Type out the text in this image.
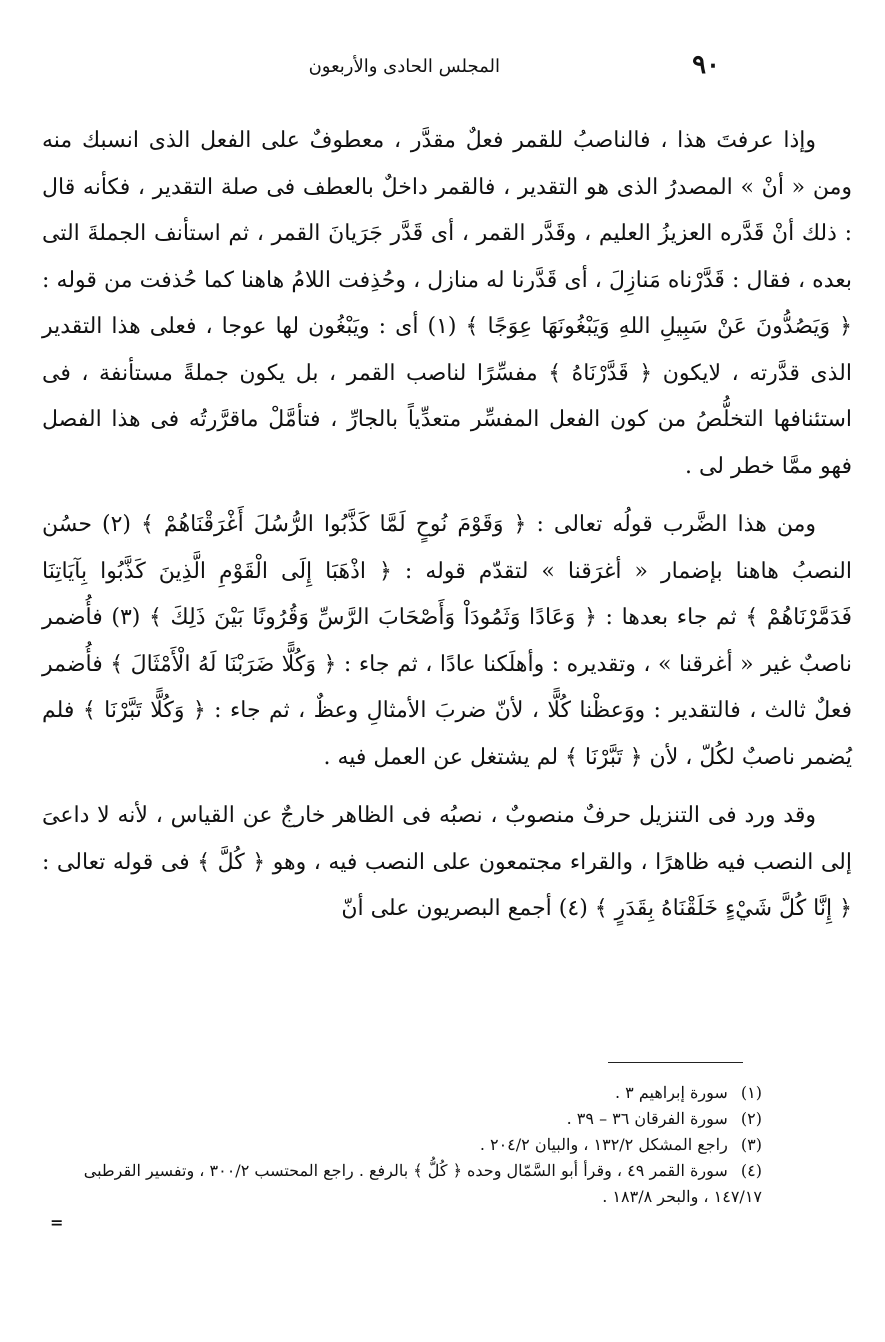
٩٠
المجلس الحادى والأربعون

وإذا عرفتَ هذا ، فالناصبُ للقمر فعلٌ مقدَّر ، معطوفٌ على الفعل الذى انسبك منه ومن « أنْ » المصدرُ الذى هو التقدير ، فالقمر داخلٌ بالعطف فى صلة التقدير ، فكأنه قال : ذلك أنْ قَدَّره العزيزُ العليم ، وقَدَّر القمر ، أى قَدَّر جَرَيانَ القمر ، ثم استأنف الجملةَ التى بعده ، فقال : قَدَّرْناه مَنازِلَ ، أى قَدَّرنا له منازل ، وحُذِفت اللامُ هاهنا كما حُذفت من قوله : ﴿ وَيَصُدُّونَ عَنْ سَبِيلِ اللهِ وَيَبْغُونَهَا عِوَجًا ﴾ (١) أى : ويَبْغُون لها عوجا ، فعلى هذا التقدير الذى قدَّرته ، لايكون ﴿ قَدَّرْنَاهُ ﴾ مفسِّرًا لناصب القمر ، بل يكون جملةً مستأنفة ، فى استئنافها التخلُّصُ من كون الفعل المفسِّر متعدِّياً بالجارِّ ، فتأمَّلْ ماقرَّرتُه فى هذا الفصل فهو ممَّا خطر لى .

ومن هذا الضَّرب قولُه تعالى : ﴿ وَقَوْمَ نُوحٍ لَمَّا كَذَّبُوا الرُّسُلَ أَغْرَقْنَاهُمْ ﴾ (٢) حسُن النصبُ هاهنا بإضمار « أغرَقنا » لتقدّم قوله : ﴿ اذْهَبَا إِلَى الْقَوْمِ الَّذِينَ كَذَّبُوا بِآيَاتِنَا فَدَمَّرْنَاهُمْ ﴾ ثم جاء بعدها : ﴿ وَعَادًا وَثَمُودَاْ وَأَصْحَابَ الرَّسِّ وَقُرُونًا بَيْنَ ذَلِكَ ﴾ (٣) فأُضمر ناصبٌ غير « أغرقنا » ، وتقديره : وأهلَكنا عادًا ، ثم جاء : ﴿ وَكُلًّا ضَرَبْنَا لَهُ الْأَمْثَالَ ﴾ فأُضمر فعلٌ ثالث ، فالتقدير : ووَعظْنا كُلًّا ، لأنّ ضربَ الأمثالِ وعظٌ ، ثم جاء : ﴿ وَكُلًّا تَبَّرْنَا ﴾ فلم يُضمر ناصبٌ لكُلّ ، لأن ﴿ تَبَّرْنَا ﴾ لم يشتغل عن العمل فيه .

وقد ورد فى التنزيل حرفٌ منصوبٌ ، نصبُه فى الظاهر خارجٌ عن القياس ، لأنه لا داعىَ إلى النصب فيه ظاهرًا ، والقراء مجتمعون على النصب فيه ، وهو ﴿ كُلَّ ﴾ فى قوله تعالى : ﴿ إِنَّا كُلَّ شَيْءٍ خَلَقْنَاهُ بِقَدَرٍ ﴾ (٤) أجمع البصريون على أنّ

(١) سورة إبراهيم ٣ .

(٢) سورة الفرقان ٣٦ – ٣٩ .

(٣) راجع المشكل ١٣٢/٢ ، والبيان ٢٠٤/٢ .

(٤) سورة القمر ٤٩ ، وقرأ أبو السَّمّال وحده ﴿ كُلُّ ﴾ بالرفع . راجع المحتسب ٣٠٠/٢ ، وتفسير القرطبى ١٤٧/١٧ ، والبحر ١٨٣/٨ .

=
